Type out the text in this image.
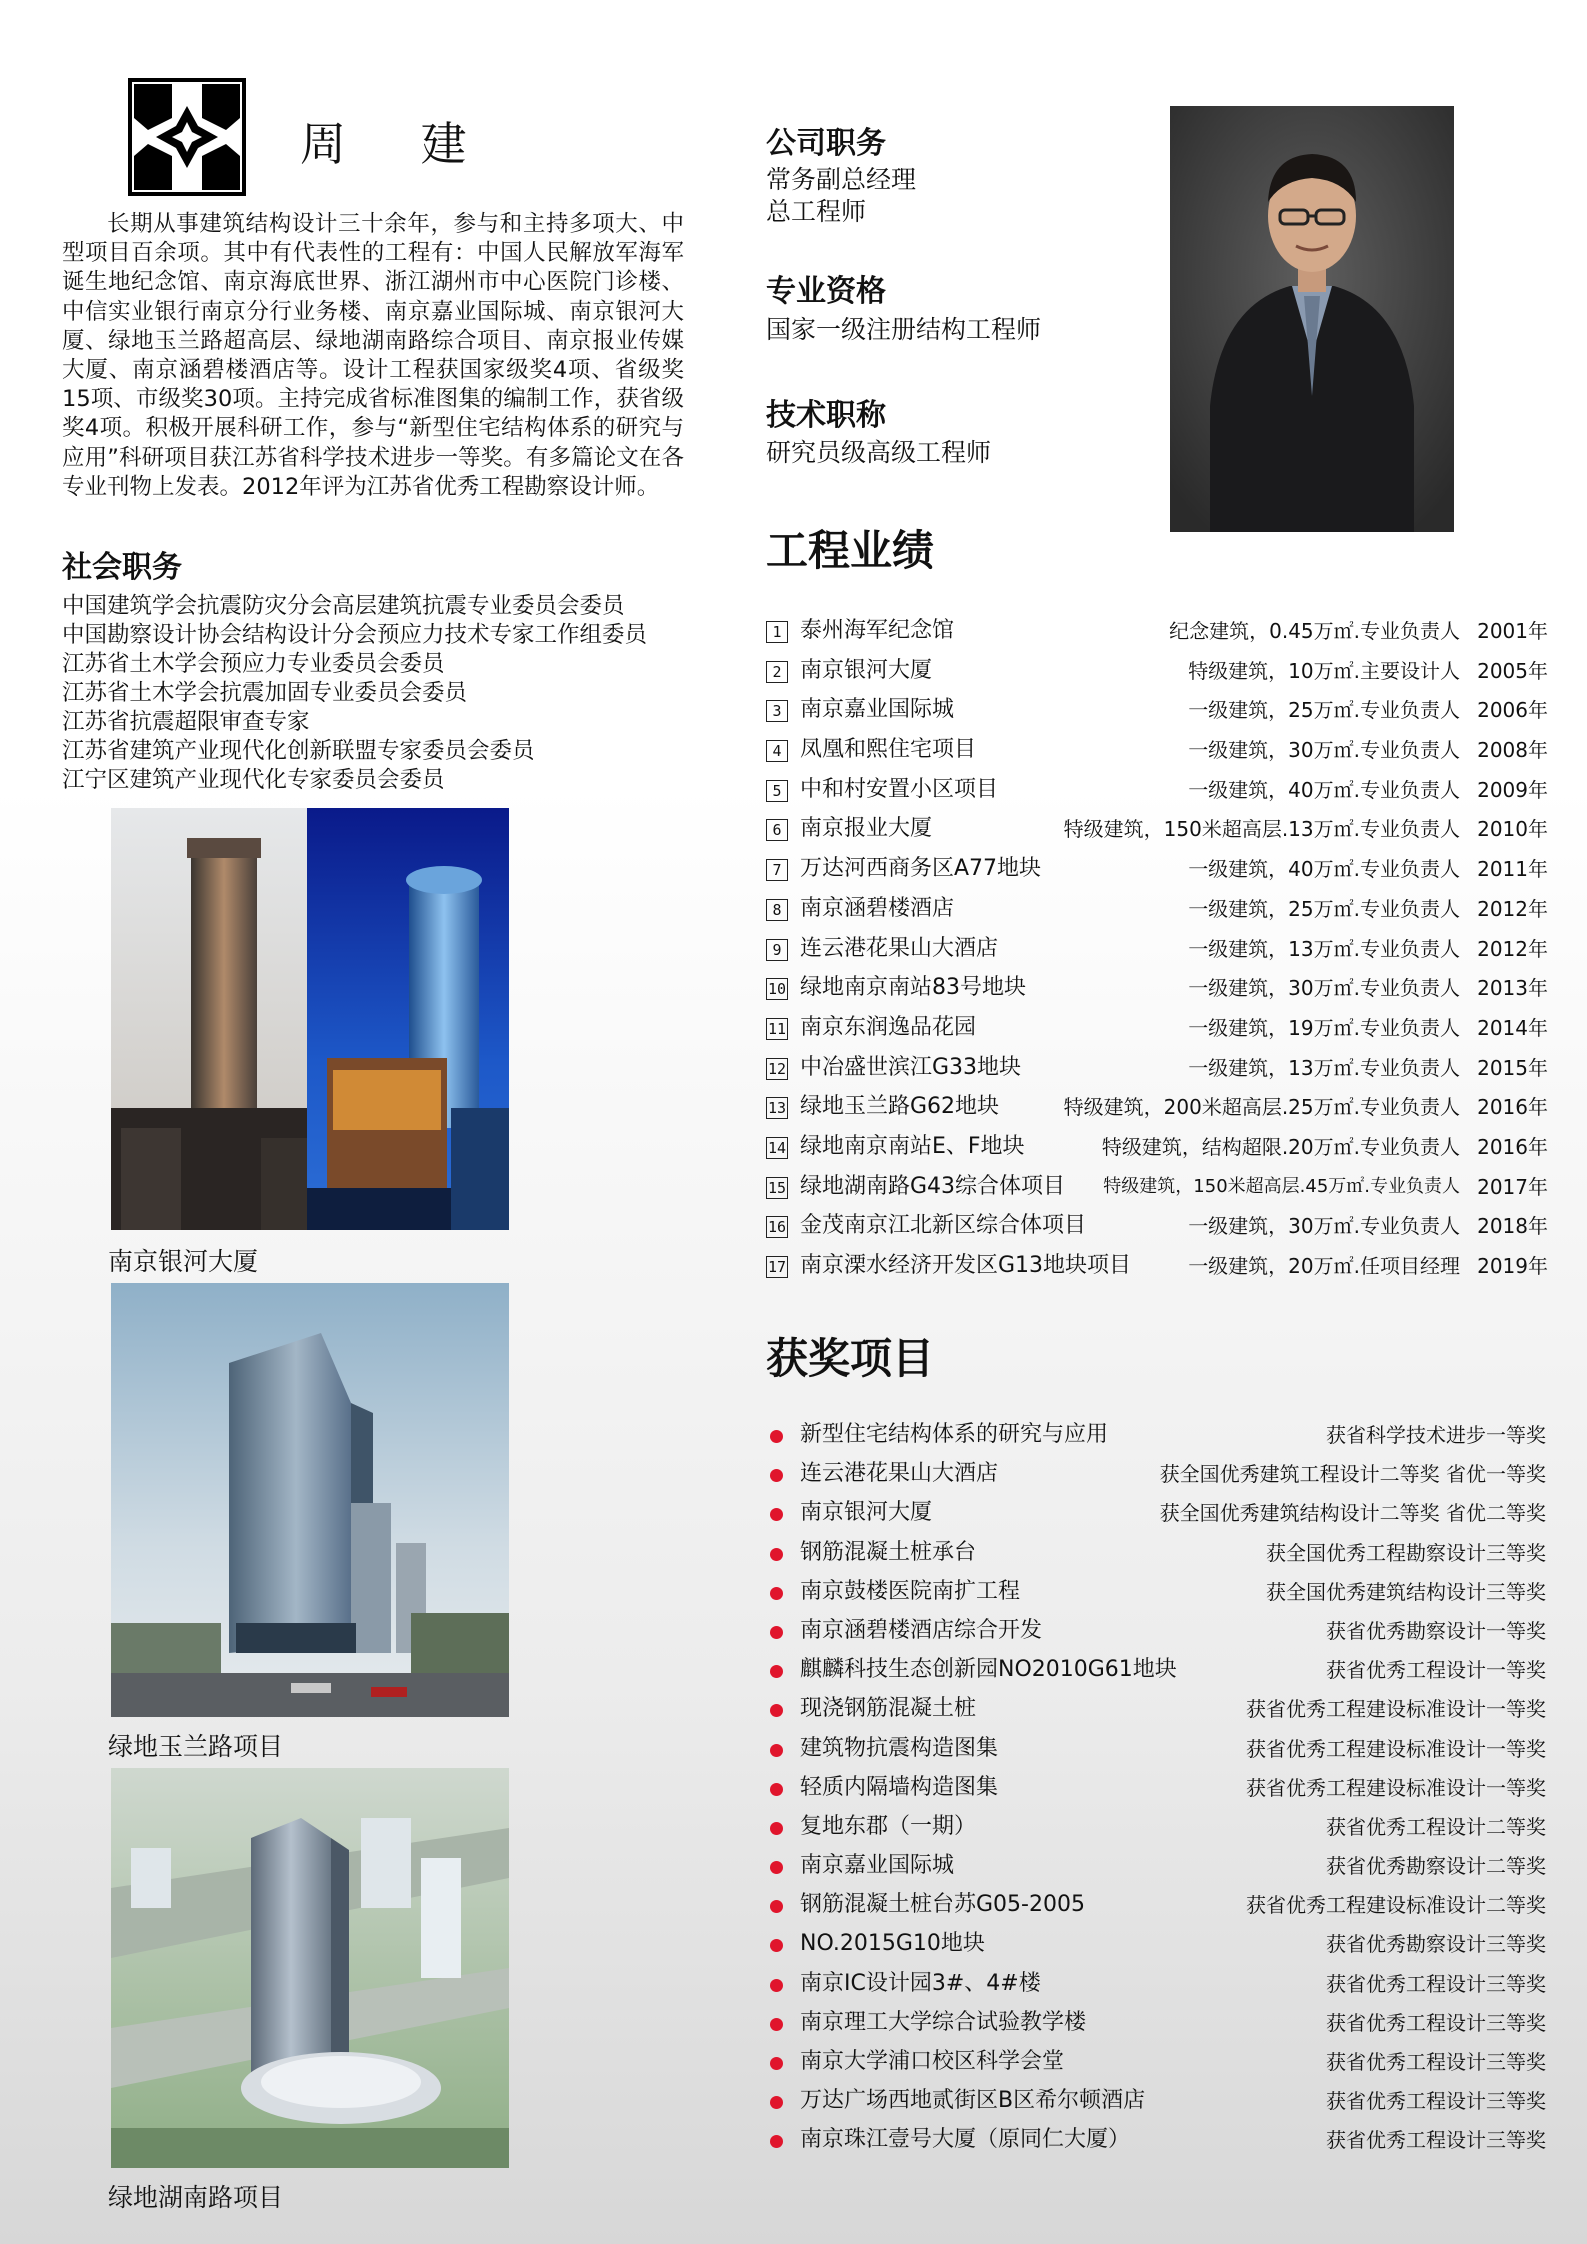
周 建
长期从事建筑结构设计三十余年，参与和主持多项大、中型项目百余项。其中有代表性的工程有：中国人民解放军海军诞生地纪念馆、南京海底世界、浙江湖州市中心医院门诊楼、中信实业银行南京分行业务楼、南京嘉业国际城、南京银河大厦、绿地玉兰路超高层、绿地湖南路综合项目、南京报业传媒大厦、南京涵碧楼酒店等。设计工程获国家级奖4项、省级奖15项、市级奖30项。主持完成省标准图集的编制工作，获省级奖4项。积极开展科研工作，参与“新型住宅结构体系的研究与应用”科研项目获江苏省科学技术进步一等奖。有多篇论文在各专业刊物上发表。2012年评为江苏省优秀工程勘察设计师。
社会职务
中国建筑学会抗震防灾分会高层建筑抗震专业委员会委员
中国勘察设计协会结构设计分会预应力技术专家工作组委员
江苏省土木学会预应力专业委员会委员
江苏省土木学会抗震加固专业委员会委员
江苏省抗震超限审查专家
江苏省建筑产业现代化创新联盟专家委员会委员
江宁区建筑产业现代化专家委员会委员
南京银河大厦
绿地玉兰路项目
绿地湖南路项目
公司职务
常务副总经理
总工程师
专业资格
国家一级注册结构工程师
技术职称
研究员级高级工程师
工程业绩
1 泰州海军纪念馆	纪念建筑，0.45万㎡.专业负责人 2001年
2 南京银河大厦	特级建筑，10万㎡.主要设计人 2005年
3 南京嘉业国际城	一级建筑，25万㎡.专业负责人 2006年
4 凤凰和熙住宅项目	一级建筑，30万㎡.专业负责人 2008年
5 中和村安置小区项目	一级建筑，40万㎡.专业负责人 2009年
6 南京报业大厦	特级建筑，150米超高层.13万㎡.专业负责人 2010年
7 万达河西商务区A77地块	一级建筑，40万㎡.专业负责人 2011年
8 南京涵碧楼酒店	一级建筑，25万㎡.专业负责人 2012年
9 连云港花果山大酒店	一级建筑，13万㎡.专业负责人 2012年
10 绿地南京南站83号地块	一级建筑，30万㎡.专业负责人 2013年
11 南京东润逸品花园	一级建筑，19万㎡.专业负责人 2014年
12 中冶盛世滨江G33地块	一级建筑，13万㎡.专业负责人 2015年
13 绿地玉兰路G62地块	特级建筑，200米超高层.25万㎡.专业负责人 2016年
14 绿地南京南站E、F地块	特级建筑，结构超限.20万㎡.专业负责人 2016年
15 绿地湖南路G43综合体项目 特级建筑，150米超高层.45万㎡.专业负责人 2017年
16 金茂南京江北新区综合体项目	一级建筑，30万㎡.专业负责人 2018年
17 南京溧水经济开发区G13地块项目	一级建筑，20万㎡.任项目经理 2019年
获奖项目
新型住宅结构体系的研究与应用	获省科学技术进步一等奖
连云港花果山大酒店	获全国优秀建筑工程设计二等奖 省优一等奖
南京银河大厦	获全国优秀建筑结构设计二等奖 省优二等奖
钢筋混凝土桩承台	获全国优秀工程勘察设计三等奖
南京鼓楼医院南扩工程	获全国优秀建筑结构设计三等奖
南京涵碧楼酒店综合开发	获省优秀勘察设计一等奖
麒麟科技生态创新园NO2010G61地块	获省优秀工程设计一等奖
现浇钢筋混凝土桩	获省优秀工程建设标准设计一等奖
建筑物抗震构造图集	获省优秀工程建设标准设计一等奖
轻质内隔墙构造图集	获省优秀工程建设标准设计一等奖
复地东郡（一期）	获省优秀工程设计二等奖
南京嘉业国际城	获省优秀勘察设计二等奖
钢筋混凝土桩台苏G05-2005	获省优秀工程建设标准设计二等奖
NO.2015G10地块	获省优秀勘察设计三等奖
南京IC设计园3#、4#楼	获省优秀工程设计三等奖
南京理工大学综合试验教学楼	获省优秀工程设计三等奖
南京大学浦口校区科学会堂	获省优秀工程设计三等奖
万达广场西地贰街区B区希尔顿酒店	获省优秀工程设计三等奖
南京珠江壹号大厦（原同仁大厦）	获省优秀工程设计三等奖
